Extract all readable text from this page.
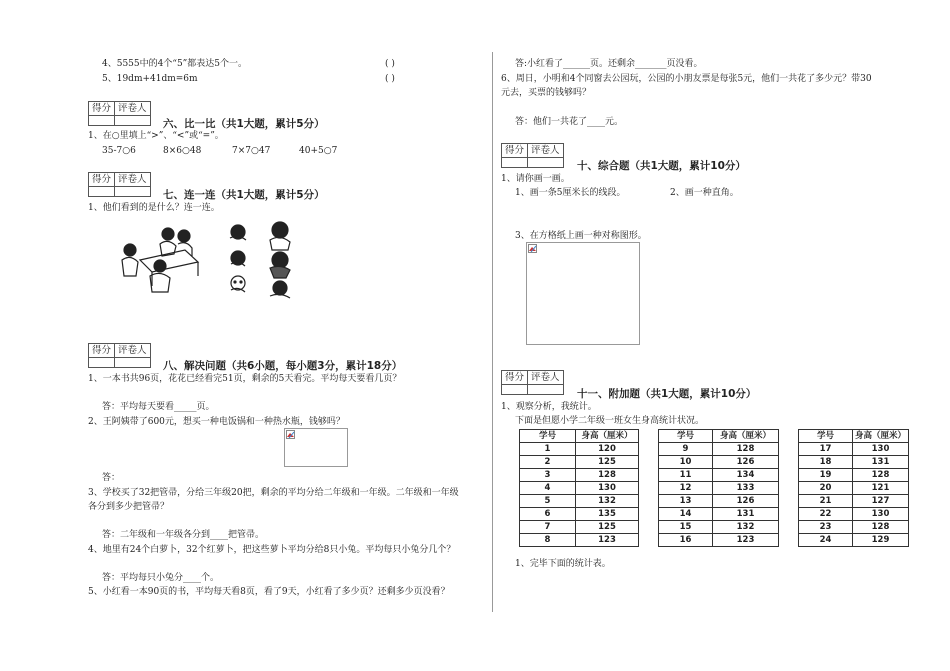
4、5555中的4个“5”都表达5个一。	( )
5、19dm+41dm=6m	( )
得分	评卷人

六、比一比（共1大题，累计5分）
1、在○里填上“>”、“<”或“=”。
35-7○6	8×6○48	7×7○47	40+5○7
得分	评卷人

七、连一连（共1大题，累计5分）
1、他们看到的是什么？连一连。
得分	评卷人

八、解决问题（共6小题，每小题3分，累计18分）
1、一本书共96页，花花已经看完51页，剩余的5天看完。平均每天要看几页？
答：平均每天要看_____页。
2、王阿姨带了600元，想买一种电饭锅和一种热水瓶，钱够吗？
答：
3、学校买了32把管帚，分给三年级20把，剩余的平均分给二年级和一年级。二年级和一年级
各分到多少把管帚？
答：二年级和一年级各分到____把管帚。
4、地里有24个白萝卜，32个红萝卜，把这些萝卜平均分给8只小兔。平均每只小兔分几个？
答：平均每只小兔分____个。
5、小红看一本90页的书，平均每天看8页，看了9天，小红看了多少页？还剩多少页没看？
答:小红看了______页。还剩余_______页没看。
6、周日，小明和4个同窗去公园玩，公园的小朋友票是每张5元，他们一共花了多少元？带30
元去，买票的钱够吗？
答：他们一共花了____元。
得分	评卷人

十、综合题（共1大题，累计10分）
1、请你画一画。
1、画一条5厘米长的线段。	2、画一种直角。
3、在方格纸上画一种对称图形。
得分	评卷人

十一、附加题（共1大题，累计10分）
1、观察分析，我统计。
下面是但愿小学二年级一班女生身高统计状况。
学号	身高（厘米）		学号	身高（厘米）		学号	身高（厘米）
1	120		9	128		17	130
2	125		10	126		18	131
3	128		11	134		19	128
4	130		12	133		20	121
5	132		13	126		21	127
6	135		14	131		22	130
7	125		15	132		23	128
8	123		16	123		24	129
1、完毕下面的统计表。
